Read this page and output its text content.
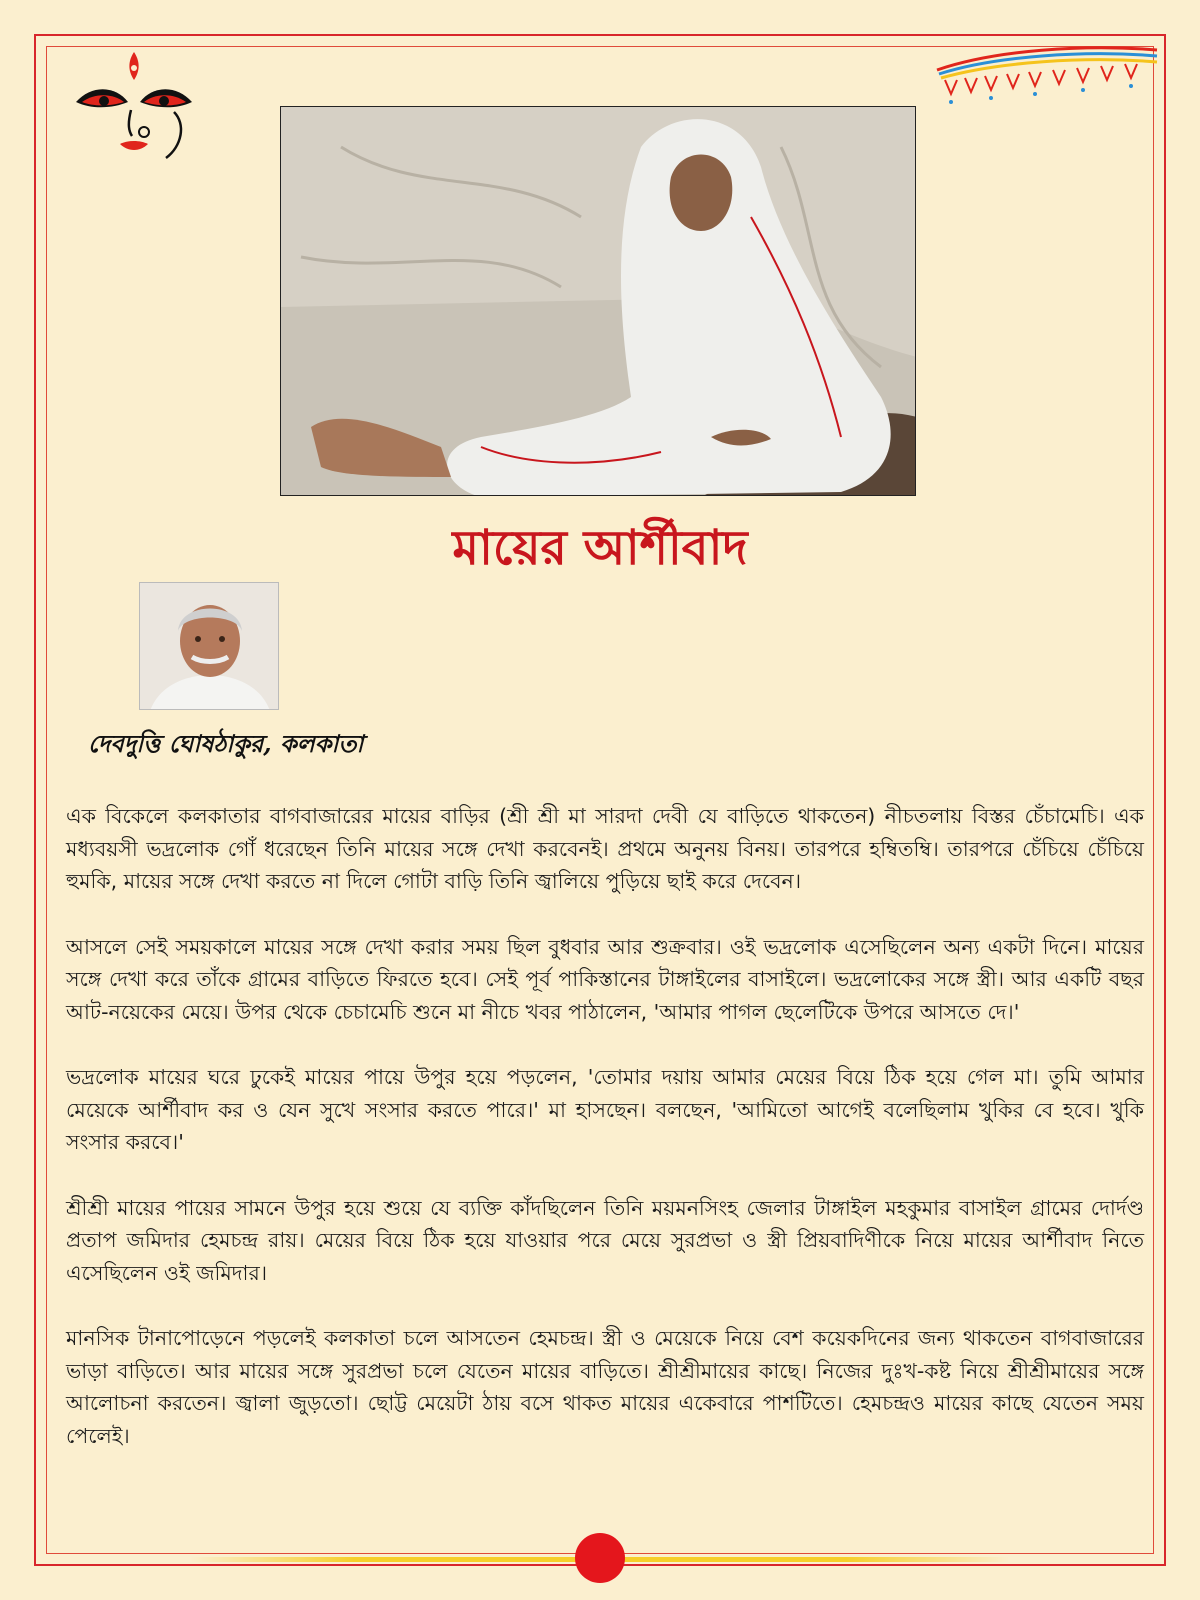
মায়ের আর্শীবাদ
দেবদুত্তি ঘোষঠাকুর, কলকাতা

এক বিকেলে কলকাতার বাগবাজারের মায়ের বাড়ির (শ্রী শ্রী মা সারদা দেবী যে বাড়িতে থাকতেন) নীচতলায় বিস্তর চেঁচামেচি। এক মধ্যবয়সী ভদ্রলোক গোঁ ধরেছেন তিনি মায়ের সঙ্গে দেখা করবেনই। প্রথমে অনুনয় বিনয়। তারপরে হম্বিতম্বি। তারপরে চেঁচিয়ে চেঁচিয়ে হুমকি, মায়ের সঙ্গে দেখা করতে না দিলে গোটা বাড়ি তিনি জ্বালিয়ে পুড়িয়ে ছাই করে দেবেন।

আসলে সেই সময়কালে মায়ের সঙ্গে দেখা করার সময় ছিল বুধবার আর শুক্রবার। ওই ভদ্রলোক এসেছিলেন অন্য একটা দিনে। মায়ের সঙ্গে দেখা করে তাঁকে গ্রামের বাড়িতে ফিরতে হবে। সেই পূর্ব পাকিস্তানের টাঙ্গাইলের বাসাইলে। ভদ্রলোকের সঙ্গে স্ত্রী। আর একটি বছর আট-নয়েকের মেয়ে। উপর থেকে চেচামেচি শুনে মা নীচে খবর পাঠালেন, 'আমার পাগল ছেলেটিকে উপরে আসতে দে।'

ভদ্রলোক মায়ের ঘরে ঢুকেই মায়ের পায়ে উপুর হয়ে পড়লেন, 'তোমার দয়ায় আমার মেয়ের বিয়ে ঠিক হয়ে গেল মা। তুমি আমার মেয়েকে আর্শীবাদ কর ও যেন সুখে সংসার করতে পারে।' মা হাসছেন। বলছেন, 'আমিতো আগেই বলেছিলাম খুকির বে হবে। খুকি সংসার করবে।'

শ্রীশ্রী মায়ের পায়ের সামনে উপুর হয়ে শুয়ে যে ব্যক্তি কাঁদছিলেন তিনি ময়মনসিংহ জেলার টাঙ্গাইল মহকুমার বাসাইল গ্রামের দোর্দণ্ড প্রতাপ জমিদার হেমচন্দ্র রায়। মেয়ের বিয়ে ঠিক হয়ে যাওয়ার পরে মেয়ে সুরপ্রভা ও স্ত্রী প্রিয়বাদিণীকে নিয়ে মায়ের আর্শীবাদ নিতে এসেছিলেন ওই জমিদার।

মানসিক টানাপোড়েনে পড়লেই কলকাতা চলে আসতেন হেমচন্দ্র। স্ত্রী ও মেয়েকে নিয়ে বেশ কয়েকদিনের জন্য থাকতেন বাগবাজারের ভাড়া বাড়িতে। আর মায়ের সঙ্গে সুরপ্রভা চলে যেতেন মায়ের বাড়িতে। শ্রীশ্রীমায়ের কাছে। নিজের দুঃখ-কষ্ট নিয়ে শ্রীশ্রীমায়ের সঙ্গে আলোচনা করতেন। জ্বালা জুড়তো। ছোট্ট মেয়েটা ঠায় বসে থাকত মায়ের একেবারে পাশটিতে। হেমচন্দ্রও মায়ের কাছে যেতেন সময় পেলেই।
